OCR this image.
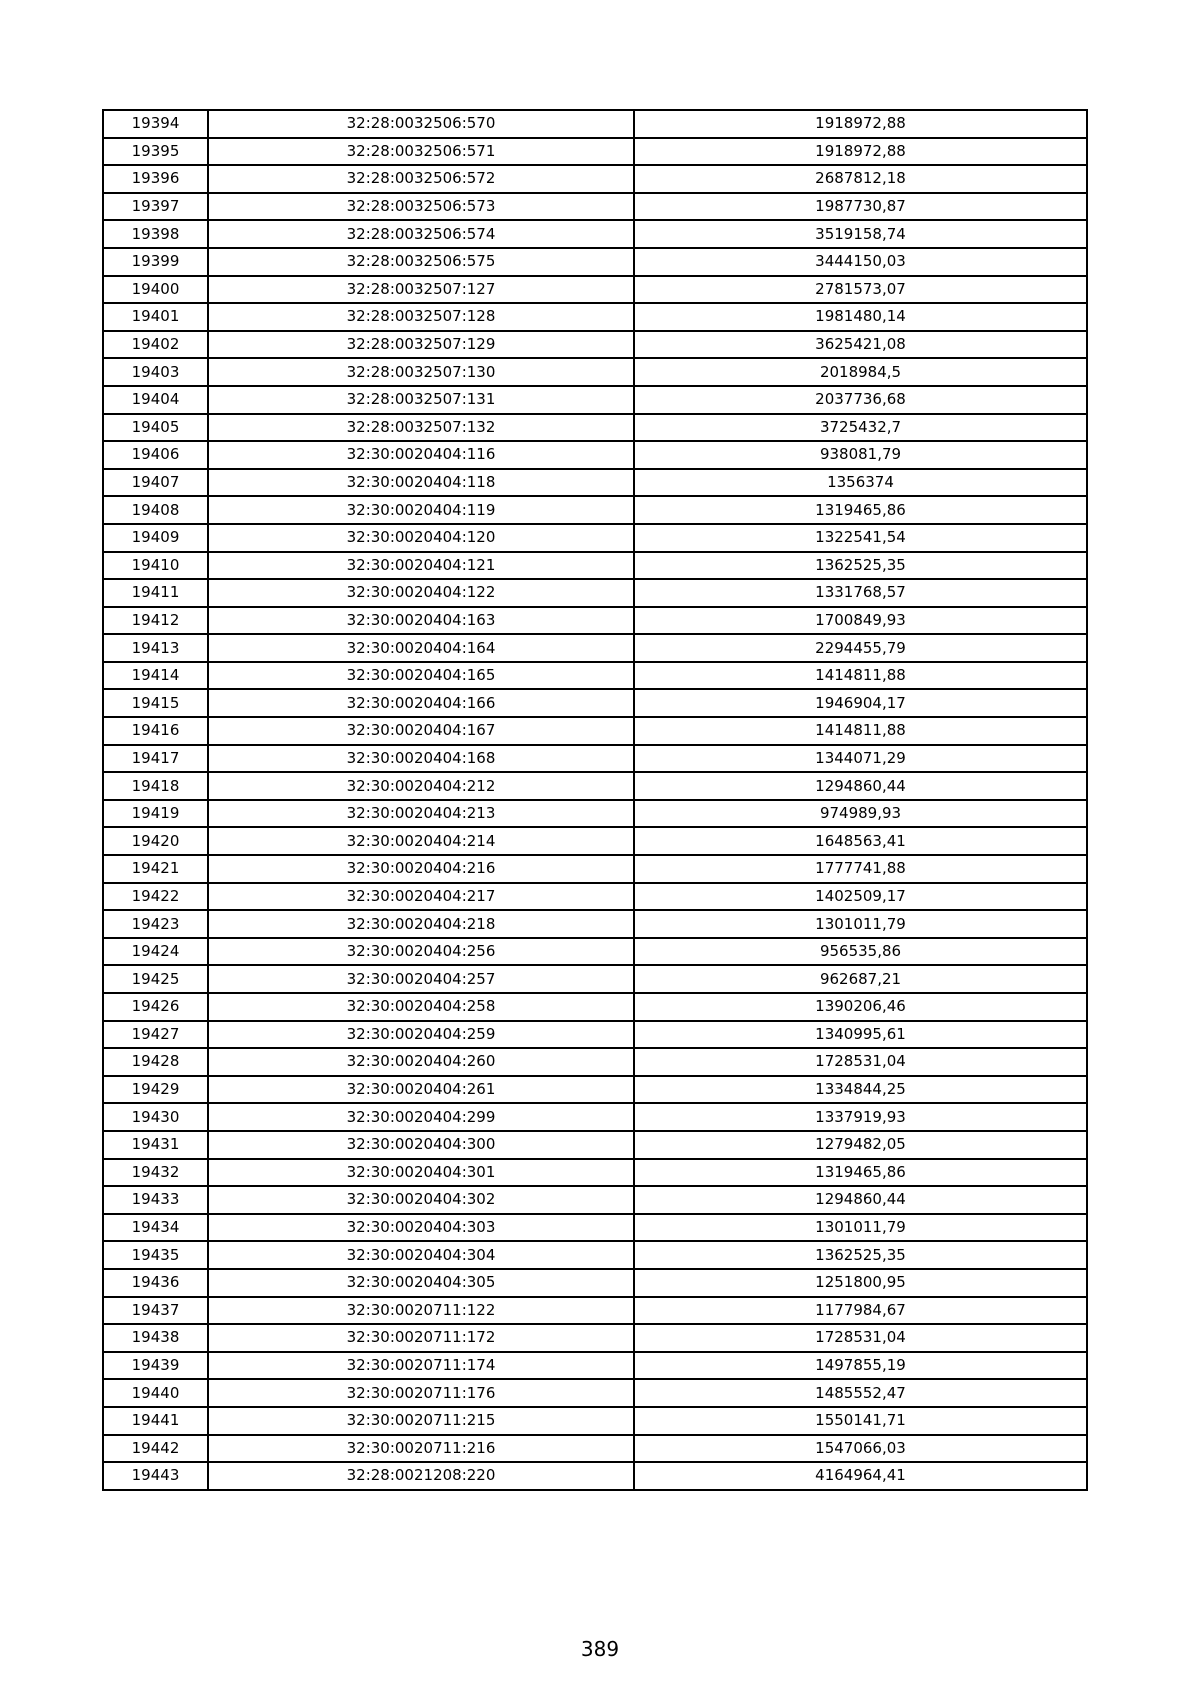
19394	32:28:0032506:570	1918972,88
19395	32:28:0032506:571	1918972,88
19396	32:28:0032506:572	2687812,18
19397	32:28:0032506:573	1987730,87
19398	32:28:0032506:574	3519158,74
19399	32:28:0032506:575	3444150,03
19400	32:28:0032507:127	2781573,07
19401	32:28:0032507:128	1981480,14
19402	32:28:0032507:129	3625421,08
19403	32:28:0032507:130	2018984,5
19404	32:28:0032507:131	2037736,68
19405	32:28:0032507:132	3725432,7
19406	32:30:0020404:116	938081,79
19407	32:30:0020404:118	1356374
19408	32:30:0020404:119	1319465,86
19409	32:30:0020404:120	1322541,54
19410	32:30:0020404:121	1362525,35
19411	32:30:0020404:122	1331768,57
19412	32:30:0020404:163	1700849,93
19413	32:30:0020404:164	2294455,79
19414	32:30:0020404:165	1414811,88
19415	32:30:0020404:166	1946904,17
19416	32:30:0020404:167	1414811,88
19417	32:30:0020404:168	1344071,29
19418	32:30:0020404:212	1294860,44
19419	32:30:0020404:213	974989,93
19420	32:30:0020404:214	1648563,41
19421	32:30:0020404:216	1777741,88
19422	32:30:0020404:217	1402509,17
19423	32:30:0020404:218	1301011,79
19424	32:30:0020404:256	956535,86
19425	32:30:0020404:257	962687,21
19426	32:30:0020404:258	1390206,46
19427	32:30:0020404:259	1340995,61
19428	32:30:0020404:260	1728531,04
19429	32:30:0020404:261	1334844,25
19430	32:30:0020404:299	1337919,93
19431	32:30:0020404:300	1279482,05
19432	32:30:0020404:301	1319465,86
19433	32:30:0020404:302	1294860,44
19434	32:30:0020404:303	1301011,79
19435	32:30:0020404:304	1362525,35
19436	32:30:0020404:305	1251800,95
19437	32:30:0020711:122	1177984,67
19438	32:30:0020711:172	1728531,04
19439	32:30:0020711:174	1497855,19
19440	32:30:0020711:176	1485552,47
19441	32:30:0020711:215	1550141,71
19442	32:30:0020711:216	1547066,03
19443	32:28:0021208:220	4164964,41
389
